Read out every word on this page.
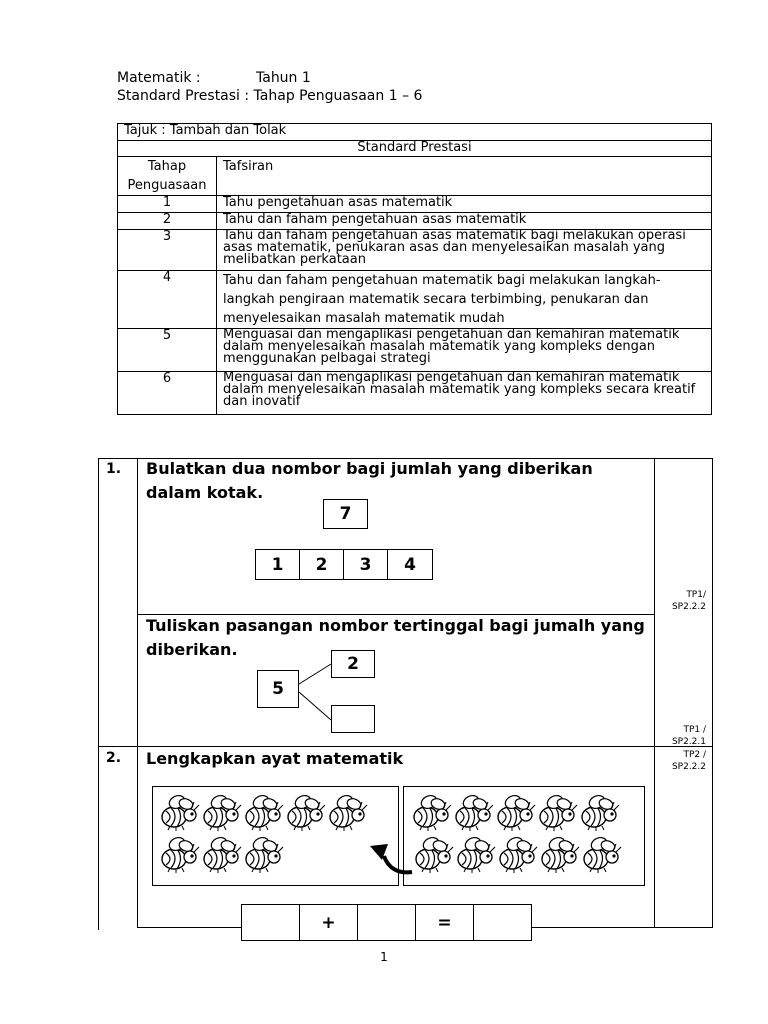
Matematik :	Tahun 1
Standard Prestasi : Tahap Penguasaan 1 – 6
Tajuk : Tambah dan Tolak	
Standard Prestasi	
Tahap Penguasaan	Tafsiran
1	Tahu pengetahuan asas matematik
2	Tahu dan faham pengetahuan asas matematik
3	Tahu dan faham pengetahuan asas matematik bagi melakukan operasi asas matematik, penukaran asas dan menyelesaikan masalah yang melibatkan perkataan
4	Tahu dan faham pengetahuan matematik bagi melakukan langkah-langkah pengiraan matematik secara terbimbing, penukaran dan menyelesaikan masalah matematik mudah
5	Menguasai dan mengaplikasi pengetahuan dan kemahiran matematik dalam menyelesaikan masalah matematik yang kompleks dengan menggunakan pelbagai strategi
6	Menguasai dan mengaplikasi pengetahuan dan kemahiran matematik dalam menyelesaikan masalah matematik yang kompleks secara kreatif dan inovatif
1. Bulatkan dua nombor bagi jumlah yang diberikan dalam kotak.
7
1	2	3	4
TP1/ SP2.2.2
Tuliskan pasangan nombor tertinggal bagi jumalh yang diberikan.
5
2
TP1 / SP2.2.1
2. Lengkapkan ayat matematik	TP2 / SP2.2.2
+	=
1
